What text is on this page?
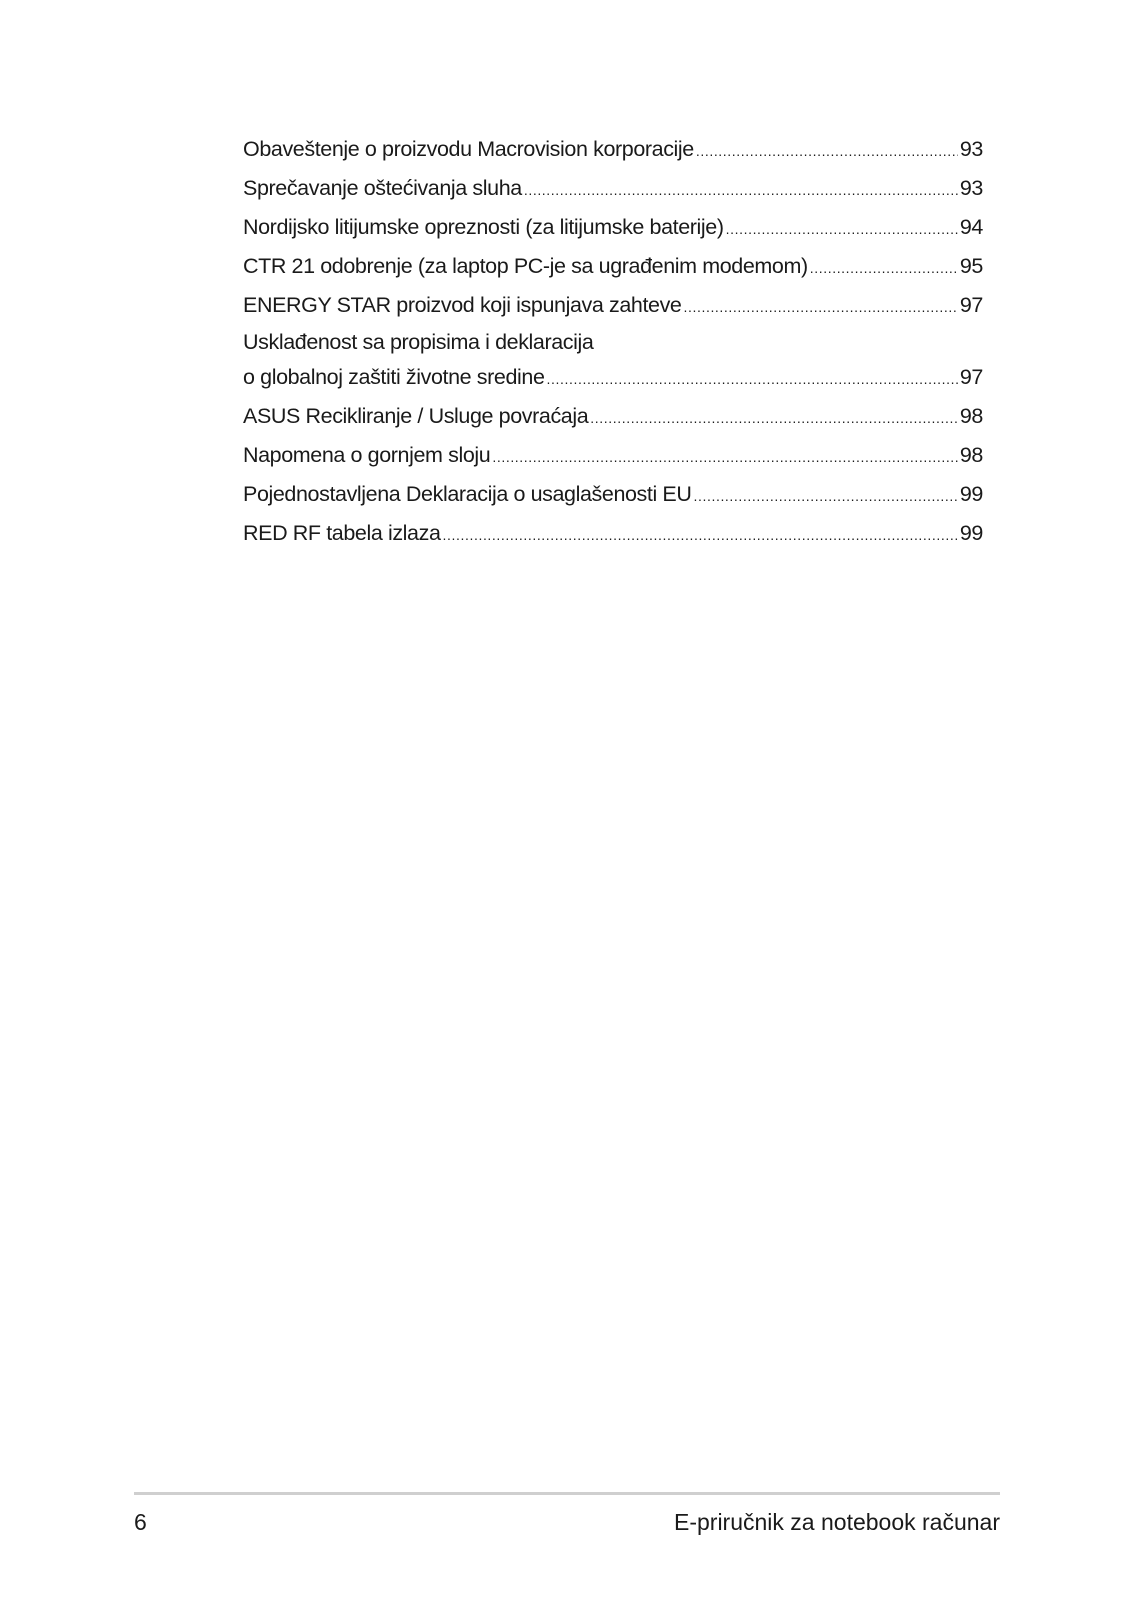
Obaveštenje o proizvodu Macrovision korporacije .....	93
Sprečavanje oštećivanja sluha .....	93
Nordijsko litijumske opreznosti (za litijumske baterije) .....	94
CTR 21 odobrenje (za laptop PC-je sa ugrađenim modemom) .....	95
ENERGY STAR proizvod koji ispunjava zahteve .....	97
Usklađenost sa propisima i deklaracija
o globalnoj zaštiti životne sredine .....	97
ASUS Recikliranje / Usluge povraćaja .....	98
Napomena o gornjem sloju .....	98
Pojednostavljena Deklaracija o usaglašenosti EU .....	99
RED RF tabela izlaza .....	99
6	E-priručnik za notebook računar
